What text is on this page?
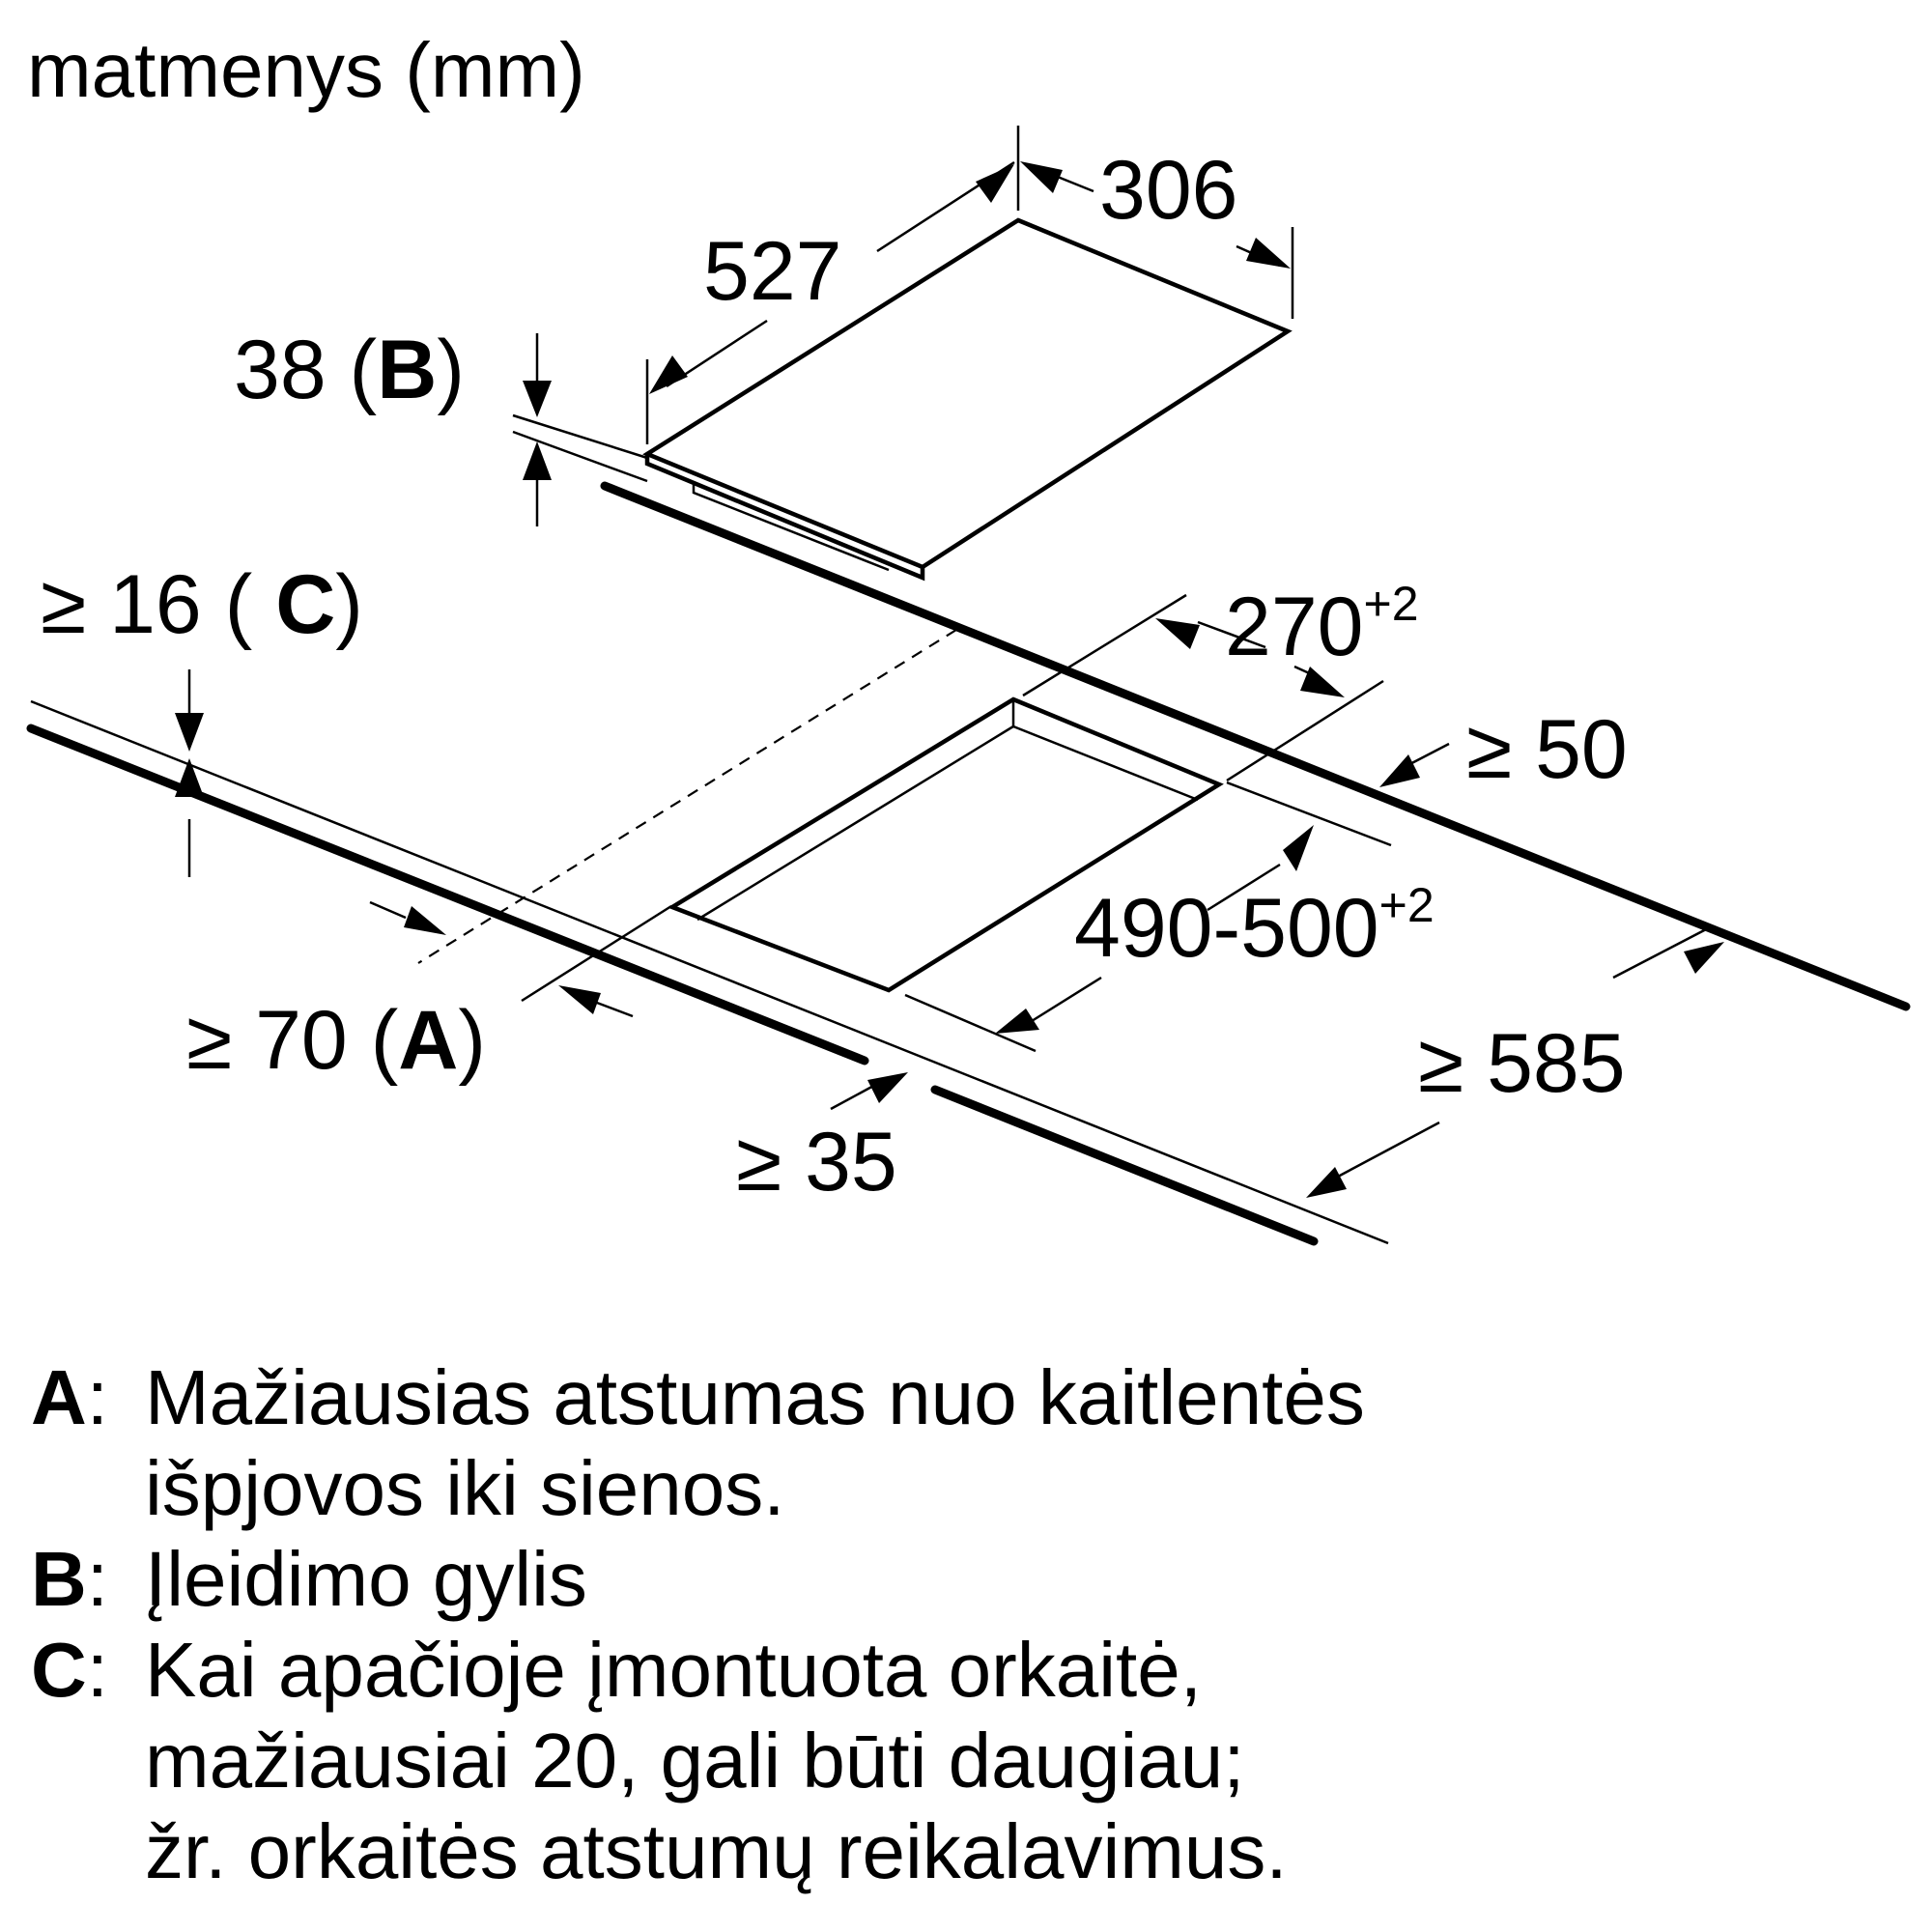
matmenys (mm)
306
527
38 (B)
$270^{+2}$
$490-500^{+2}$
≥ 50
≥ 585
≥ 35
≥ 70 (A)
≥ 16 ( C)
A: Mažiausias atstumas nuo kaitlentės
išpjovos iki sienos.
B: Įleidimo gylis
C: Kai apačioje įmontuota orkaitė,
mažiausiai 20, gali būti daugiau;
žr. orkaitės atstumų reikalavimus.
